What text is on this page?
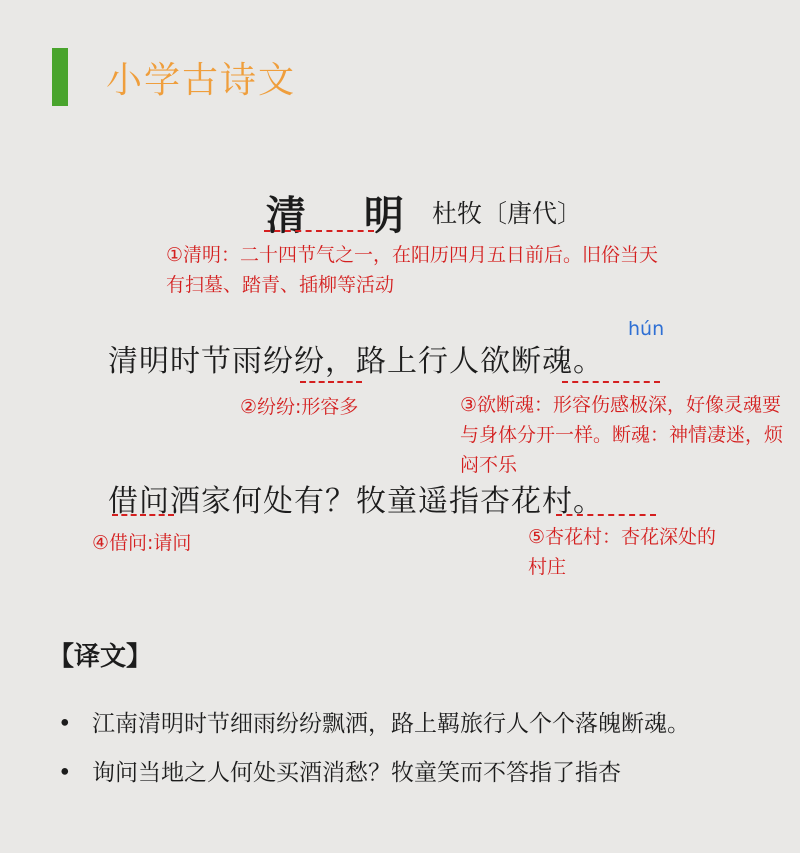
小学古诗文
清 明 杜牧〔唐代〕
①清明：二十四节气之一，在阳历四月五日前后。旧俗当天有扫墓、踏青、插柳等活动
hún
清明时节雨纷纷，路上行人欲断魂。
②纷纷:形容多	③欲断魂：形容伤感极深，好像灵魂要与身体分开一样。断魂：神情凄迷，烦闷不乐
借问酒家何处有？牧童遥指杏花村。
④借问:请问	⑤杏花村：杏花深处的村庄
【译文】
• 江南清明时节细雨纷纷飘洒，路上羁旅行人个个落魄断魂。
• 询问当地之人何处买酒消愁？牧童笑而不答指了指杏
